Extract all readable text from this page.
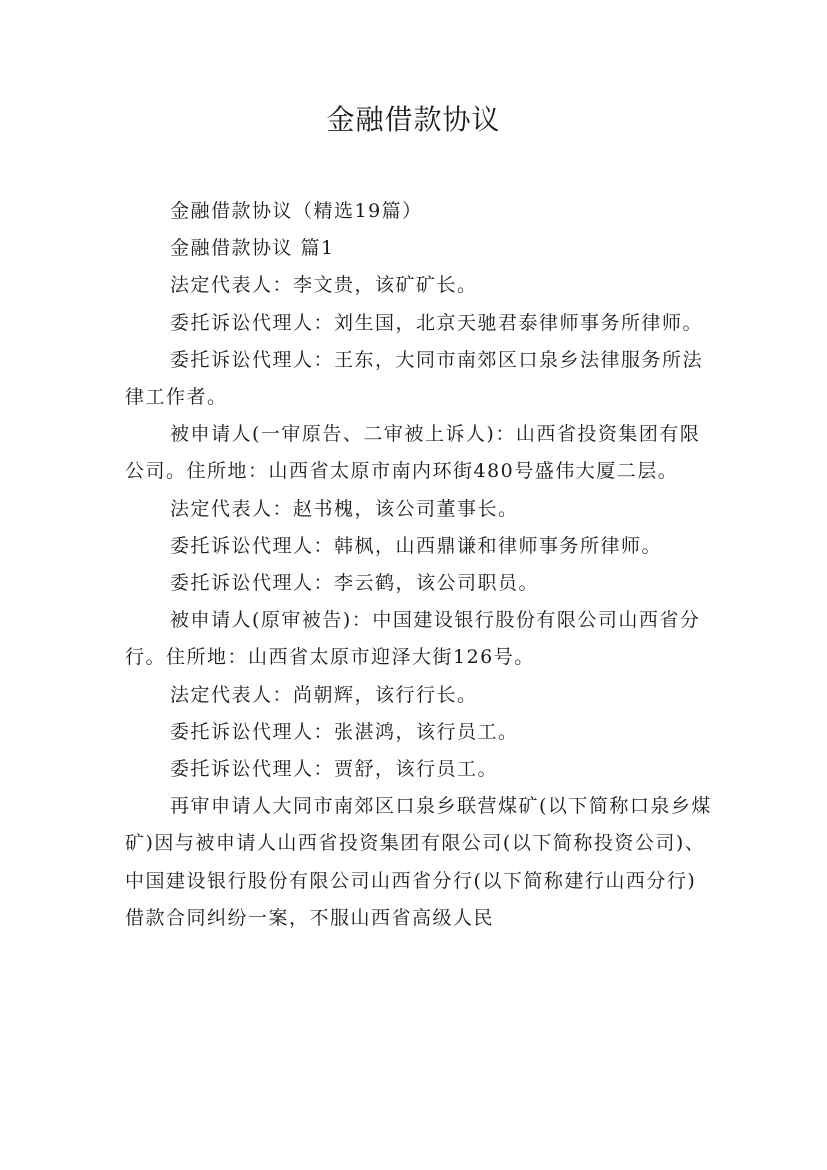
金融借款协议

金融借款协议（精选19篇）

金融借款协议 篇1

法定代表人：李文贵，该矿矿长。

委托诉讼代理人：刘生国，北京天驰君泰律师事务所律师。

委托诉讼代理人：王东，大同市南郊区口泉乡法律服务所法律工作者。

被申请人(一审原告、二审被上诉人)：山西省投资集团有限公司。住所地：山西省太原市南内环街480号盛伟大厦二层。

法定代表人：赵书槐，该公司董事长。

委托诉讼代理人：韩枫，山西鼎谦和律师事务所律师。

委托诉讼代理人：李云鹤，该公司职员。

被申请人(原审被告)：中国建设银行股份有限公司山西省分行。住所地：山西省太原市迎泽大街126号。

法定代表人：尚朝辉，该行行长。

委托诉讼代理人：张湛鸿，该行员工。

委托诉讼代理人：贾舒，该行员工。

再审申请人大同市南郊区口泉乡联营煤矿(以下简称口泉乡煤矿)因与被申请人山西省投资集团有限公司(以下简称投资公司)、中国建设银行股份有限公司山西省分行(以下简称建行山西分行)借款合同纠纷一案，不服山西省高级人民
